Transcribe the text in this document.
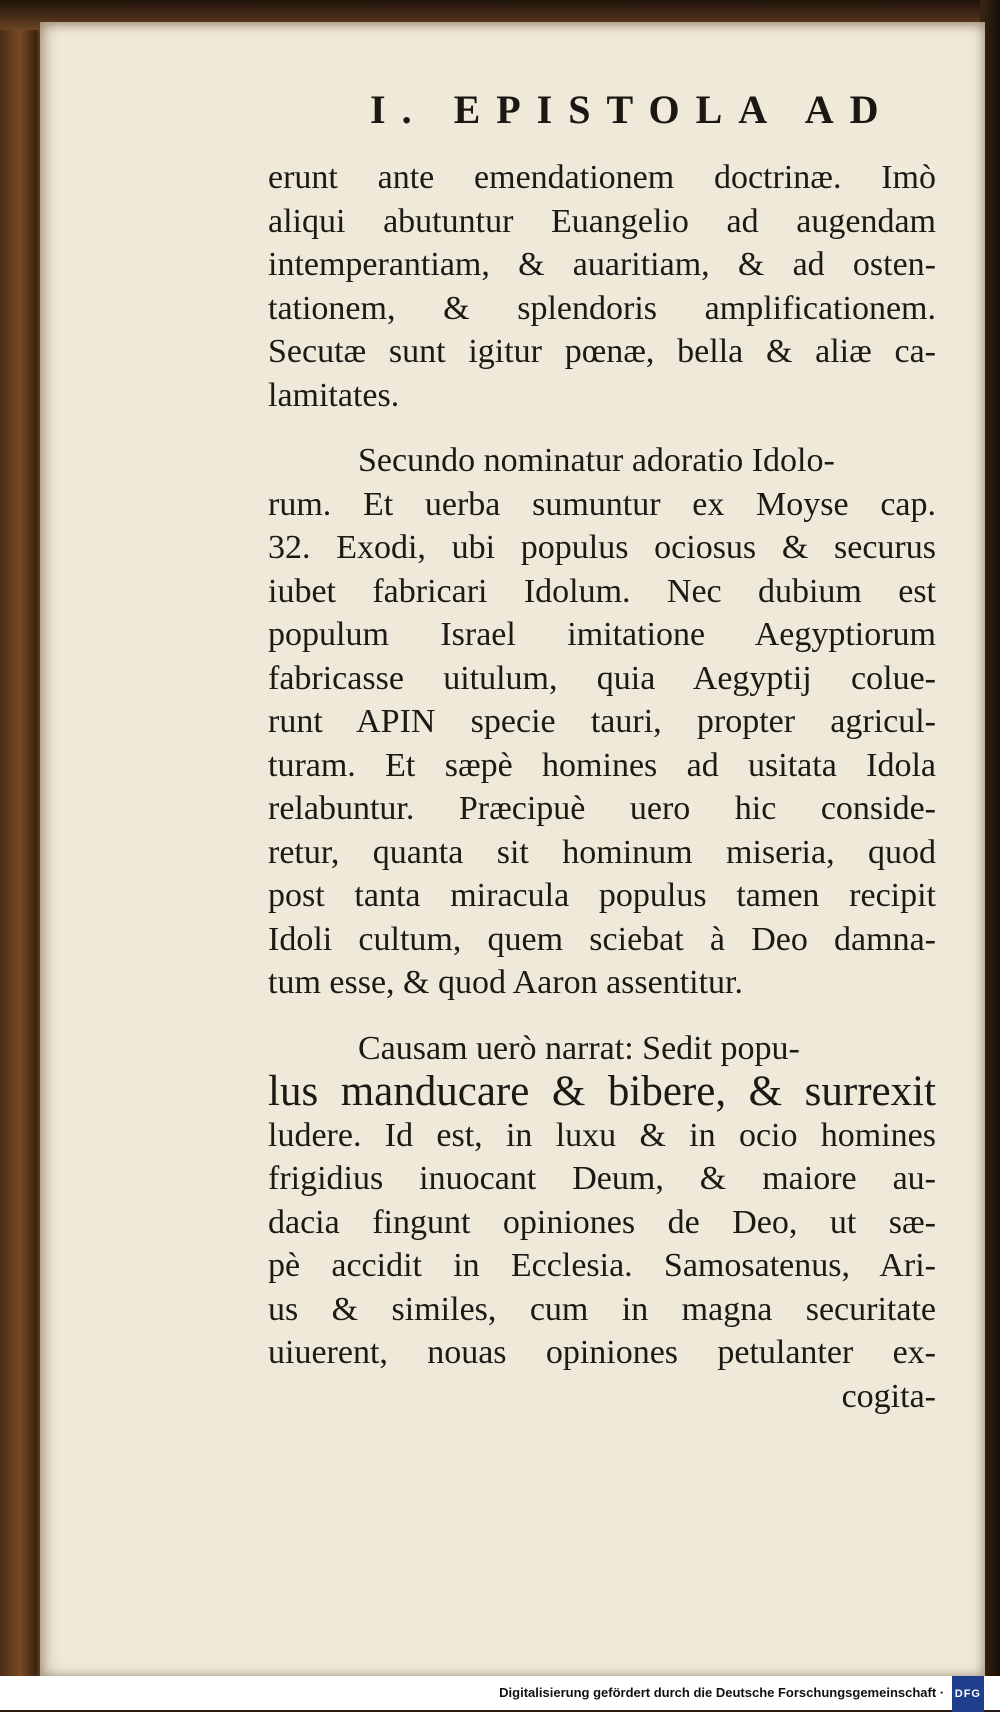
I. EPISTOLA AD
erunt ante emendationem doctrinæ. Imò
aliqui abutuntur Euangelio ad augendam
intemperantiam, & auaritiam, & ad osten-
tationem, & splendoris amplificationem.
Secutæ sunt igitur pœnæ, bella & aliæ ca-
lamitates.
Secundo nominatur adoratio Idolo-
rum. Et uerba sumuntur ex Moyse cap.
32. Exodi, ubi populus ociosus & securus
iubet fabricari Idolum. Nec dubium est
populum Israel imitatione Aegyptiorum
fabricasse uitulum, quia Aegyptij colue-
runt APIN specie tauri, propter agricul-
turam. Et sæpè homines ad usitata Idola
relabuntur. Præcipuè uero hic conside-
retur, quanta sit hominum miseria, quod
post tanta miracula populus tamen recipit
Idoli cultum, quem sciebat à Deo damna-
tum esse, & quod Aaron assentitur.
Causam uerò narrat: Sedit popu-
lus manducare & bibere, & surrexit
ludere. Id est, in luxu & in ocio homines
frigidius inuocant Deum, & maiore au-
dacia fingunt opiniones de Deo, ut sæ-
pè accidit in Ecclesia. Samosatenus, Ari-
us & similes, cum in magna securitate
uiuerent, nouas opiniones petulanter ex-
cogita-
Digitalisierung gefördert durch die Deutsche Forschungsgemeinschaft · DFG
